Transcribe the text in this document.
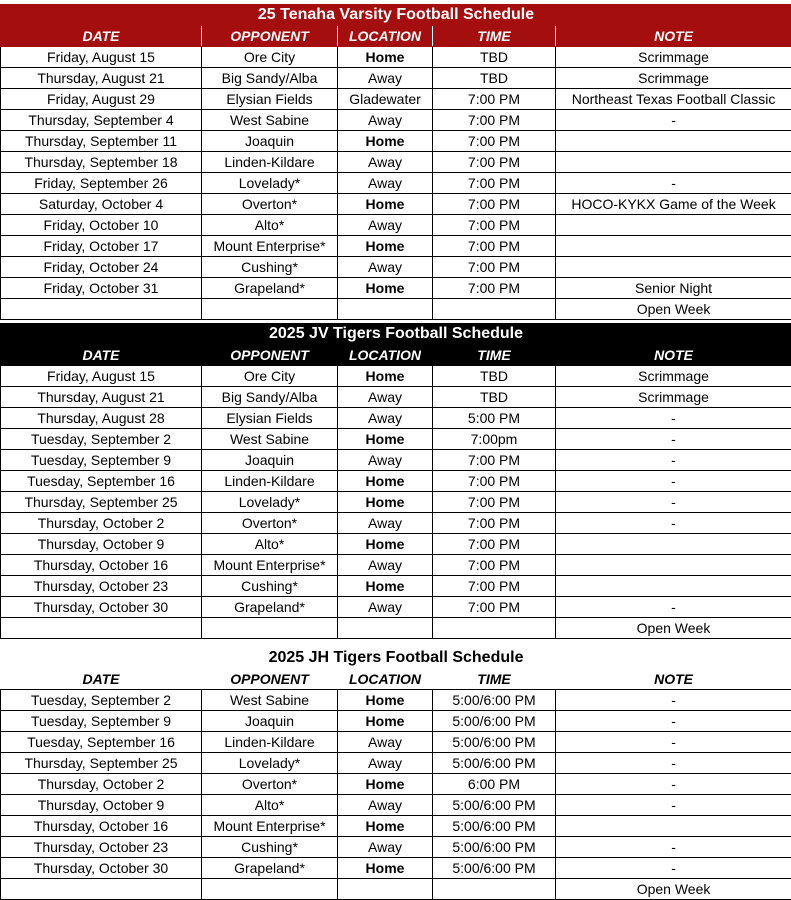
25 Tenaha Varsity Football Schedule				
DATE	OPPONENT	LOCATION	TIME	NOTE
Friday, August 15	Ore City	Home	TBD	Scrimmage
Thursday, August 21	Big Sandy/Alba	Away	TBD	Scrimmage
Friday, August 29	Elysian Fields	Gladewater	7:00 PM	Northeast Texas Football Classic
Thursday, September 4	West Sabine	Away	7:00 PM	-
Thursday, September 11	Joaquin	Home	7:00 PM	
Thursday, September 18	Linden-Kildare	Away	7:00 PM	
Friday, September 26	Lovelady*	Away	7:00 PM	-
Saturday, October 4	Overton*	Home	7:00 PM	HOCO-KYKX Game of the Week
Friday, October 10	Alto*	Away	7:00 PM	
Friday, October 17	Mount Enterprise*	Home	7:00 PM	
Friday, October 24	Cushing*	Away	7:00 PM	
Friday, October 31	Grapeland*	Home	7:00 PM	Senior Night
				Open Week
2025 JV Tigers Football Schedule				
DATE	OPPONENT	LOCATION	TIME	NOTE
Friday, August 15	Ore City	Home	TBD	Scrimmage
Thursday, August 21	Big Sandy/Alba	Away	TBD	Scrimmage
Thursday, August 28	Elysian Fields	Away	5:00 PM	-
Tuesday, September 2	West Sabine	Home	7:00pm	-
Tuesday, September 9	Joaquin	Away	7:00 PM	-
Tuesday, September 16	Linden-Kildare	Home	7:00 PM	-
Thursday, September 25	Lovelady*	Home	7:00 PM	-
Thursday, October 2	Overton*	Away	7:00 PM	-
Thursday, October 9	Alto*	Home	7:00 PM	
Thursday, October 16	Mount Enterprise*	Away	7:00 PM	
Thursday, October 23	Cushing*	Home	7:00 PM	
Thursday, October 30	Grapeland*	Away	7:00 PM	-
				Open Week
2025 JH Tigers Football Schedule				
DATE	OPPONENT	LOCATION	TIME	NOTE
Tuesday, September 2	West Sabine	Home	5:00/6:00 PM	-
Tuesday, September 9	Joaquin	Home	5:00/6:00 PM	-
Tuesday, September 16	Linden-Kildare	Away	5:00/6:00 PM	-
Thursday, September 25	Lovelady*	Away	5:00/6:00 PM	-
Thursday, October 2	Overton*	Home	6:00 PM	-
Thursday, October 9	Alto*	Away	5:00/6:00 PM	-
Thursday, October 16	Mount Enterprise*	Home	5:00/6:00 PM	
Thursday, October 23	Cushing*	Away	5:00/6:00 PM	-
Thursday, October 30	Grapeland*	Home	5:00/6:00 PM	-
				Open Week
